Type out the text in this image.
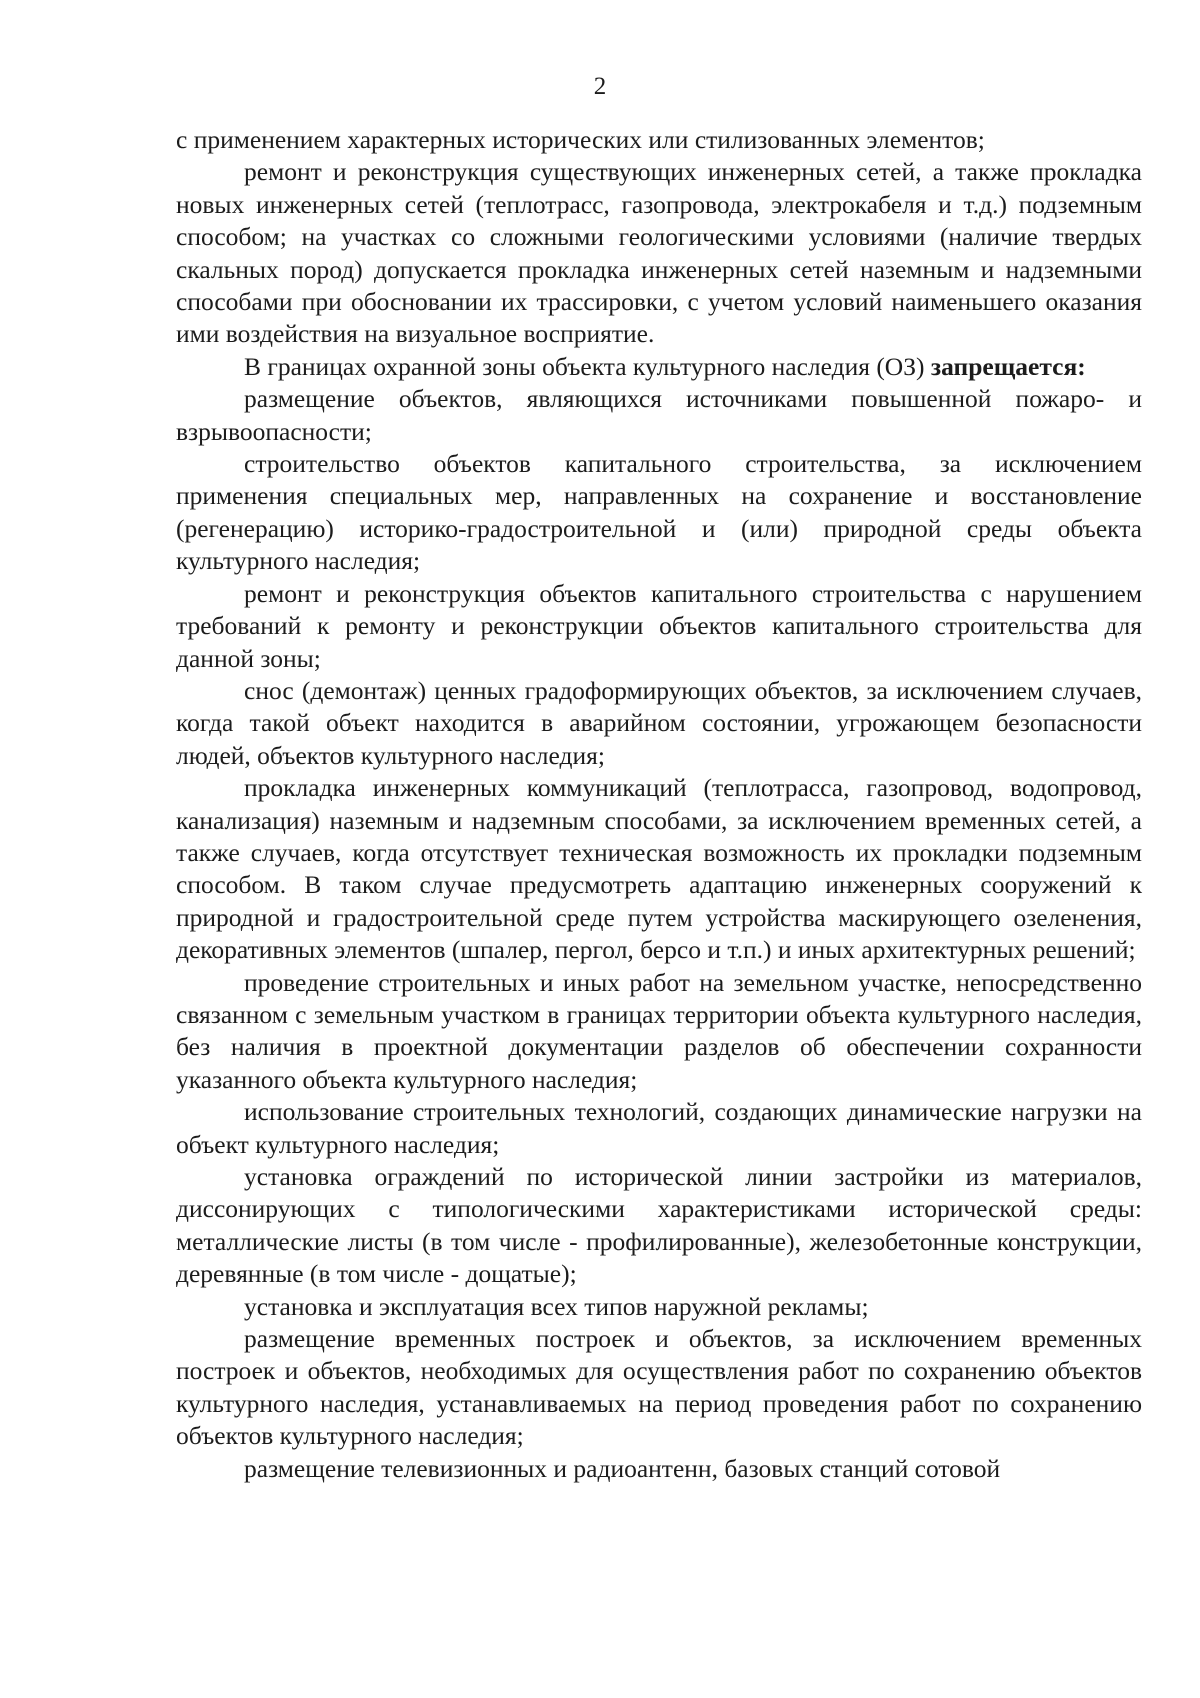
2

с применением характерных исторических или стилизованных элементов;

ремонт и реконструкция существующих инженерных сетей, а также прокладка новых инженерных сетей (теплотрасс, газопровода, электрокабеля и т.д.) подземным способом; на участках со сложными геологическими условиями (наличие твердых скальных пород) допускается прокладка инженерных сетей наземным и надземными способами при обосновании их трассировки, с учетом условий наименьшего оказания ими воздействия на визуальное восприятие.

В границах охранной зоны объекта культурного наследия (ОЗ) запрещается:

размещение объектов, являющихся источниками повышенной пожаро- и взрывоопасности;

строительство объектов капитального строительства, за исключением применения специальных мер, направленных на сохранение и восстановление (регенерацию) историко-градостроительной и (или) природной среды объекта культурного наследия;

ремонт и реконструкция объектов капитального строительства с нарушением требований к ремонту и реконструкции объектов капитального строительства для данной зоны;

снос (демонтаж) ценных градоформирующих объектов, за исключением случаев, когда такой объект находится в аварийном состоянии, угрожающем безопасности людей, объектов культурного наследия;

прокладка инженерных коммуникаций (теплотрасса, газопровод, водопровод, канализация) наземным и надземным способами, за исключением временных сетей, а также случаев, когда отсутствует техническая возможность их прокладки подземным способом. В таком случае предусмотреть адаптацию инженерных сооружений к природной и градостроительной среде путем устройства маскирующего озеленения, декоративных элементов (шпалер, пергол, берсо и т.п.) и иных архитектурных решений;

проведение строительных и иных работ на земельном участке, непосредственно связанном с земельным участком в границах территории объекта культурного наследия, без наличия в проектной документации разделов об обеспечении сохранности указанного объекта культурного наследия;

использование строительных технологий, создающих динамические нагрузки на объект культурного наследия;

установка ограждений по исторической линии застройки из материалов, диссонирующих с типологическими характеристиками исторической среды: металлические листы (в том числе - профилированные), железобетонные конструкции, деревянные (в том числе - дощатые);

установка и эксплуатация всех типов наружной рекламы;

размещение временных построек и объектов, за исключением временных построек и объектов, необходимых для осуществления работ по сохранению объектов культурного наследия, устанавливаемых на период проведения работ по сохранению объектов культурного наследия;

размещение телевизионных и радиоантенн, базовых станций сотовой
